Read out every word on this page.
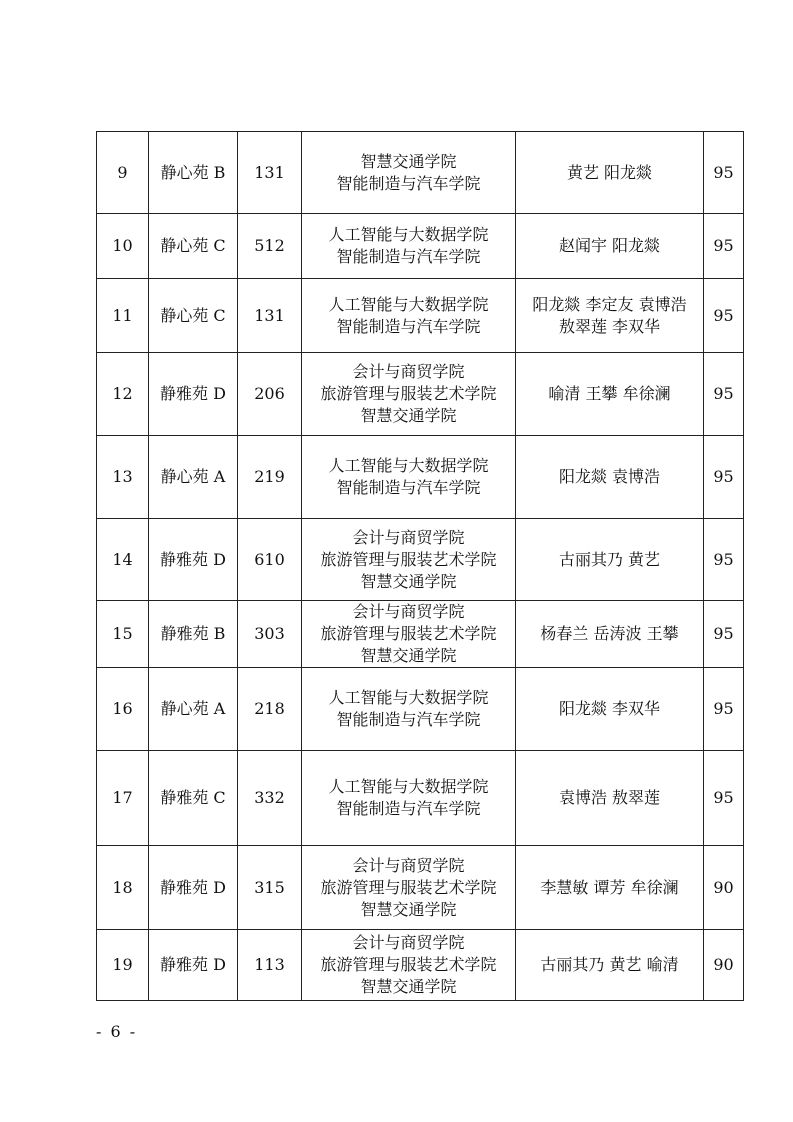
9	静心苑 B	131	智慧交通学院
智能制造与汽车学院	黄艺 阳龙燚	95
10	静心苑 C	512	人工智能与大数据学院
智能制造与汽车学院	赵闻宇 阳龙燚	95
11	静心苑 C	131	人工智能与大数据学院
智能制造与汽车学院	阳龙燚 李定友 袁博浩
敖翠莲 李双华	95
12	静雅苑 D	206	会计与商贸学院
旅游管理与服装艺术学院
智慧交通学院	喻清 王攀 牟徐澜	95
13	静心苑 A	219	人工智能与大数据学院
智能制造与汽车学院	阳龙燚 袁博浩	95
14	静雅苑 D	610	会计与商贸学院
旅游管理与服装艺术学院
智慧交通学院	古丽其乃 黄艺	95
15	静雅苑 B	303	会计与商贸学院
旅游管理与服装艺术学院
智慧交通学院	杨春兰 岳涛波 王攀	95
16	静心苑 A	218	人工智能与大数据学院
智能制造与汽车学院	阳龙燚 李双华	95
17	静雅苑 C	332	人工智能与大数据学院
智能制造与汽车学院	袁博浩 敖翠莲	95
18	静雅苑 D	315	会计与商贸学院
旅游管理与服装艺术学院
智慧交通学院	李慧敏 谭芳 牟徐澜	90
19	静雅苑 D	113	会计与商贸学院
旅游管理与服装艺术学院
智慧交通学院	古丽其乃 黄艺 喻清	90
- 6 -
